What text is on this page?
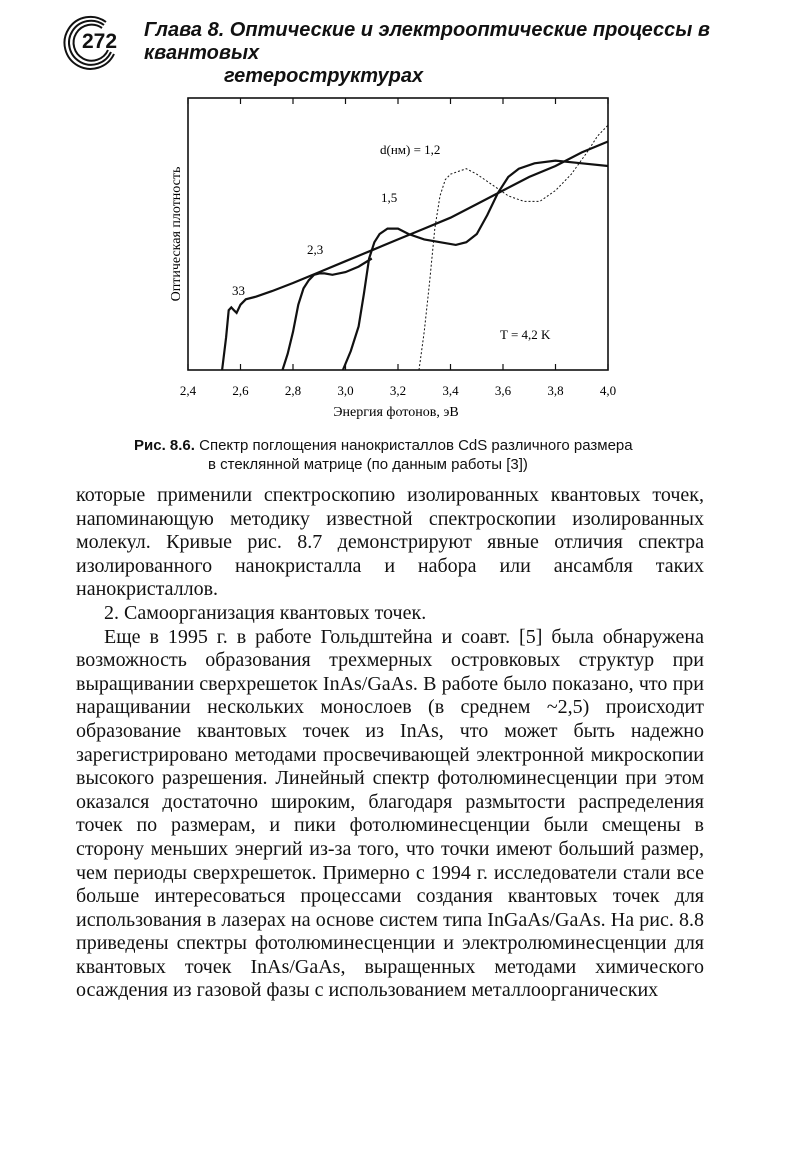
272 Глава 8. Оптические и электрооптические процессы в квантовых
гетероструктурах
2,4	2,6	2,8	3,0	3,2	3,4	3,6	3,8	4,0
Оптическая плотность
Энергия фотонов, эВ
d(нм) = 1,2
1,5
2,3
33
T = 4,2 K
Рис. 8.6. Спектр поглощения нанокристаллов CdS различного размера
в стеклянной матрице (по данным работы [3])

которые применили спектроскопию изолированных квантовых точек, напоминающую методику известной спектроскопии изолированных молекул. Кривые рис. 8.7 демонстрируют явные отличия спектра изолированного нанокристалла и набора или ансамбля таких нанокристаллов.

2. Самоорганизация квантовых точек.

Еще в 1995 г. в работе Гольдштейна и соавт. [5] была обнаружена возможность образования трехмерных островковых структур при выращивании сверхрешеток InAs/GaAs. В работе было показано, что при наращивании нескольких монослоев (в среднем ~2,5) происходит образование квантовых точек из InAs, что может быть надежно зарегистрировано методами просвечивающей электронной микроскопии высокого разрешения. Линейный спектр фотолюминесценции при этом оказался достаточно широким, благодаря размытости распределения точек по размерам, и пики фотолюминесценции были смещены в сторону меньших энергий из-за того, что точки имеют больший размер, чем периоды сверхрешеток. Примерно с 1994 г. исследователи стали все больше интересоваться процессами создания квантовых точек для использования в лазерах на основе систем типа InGaAs/GaAs. На рис. 8.8 приведены спектры фотолюминесценции и электролюминесценции для квантовых точек InAs/GaAs, выращенных методами химического осаждения из газовой фазы с использованием металлоорганических
